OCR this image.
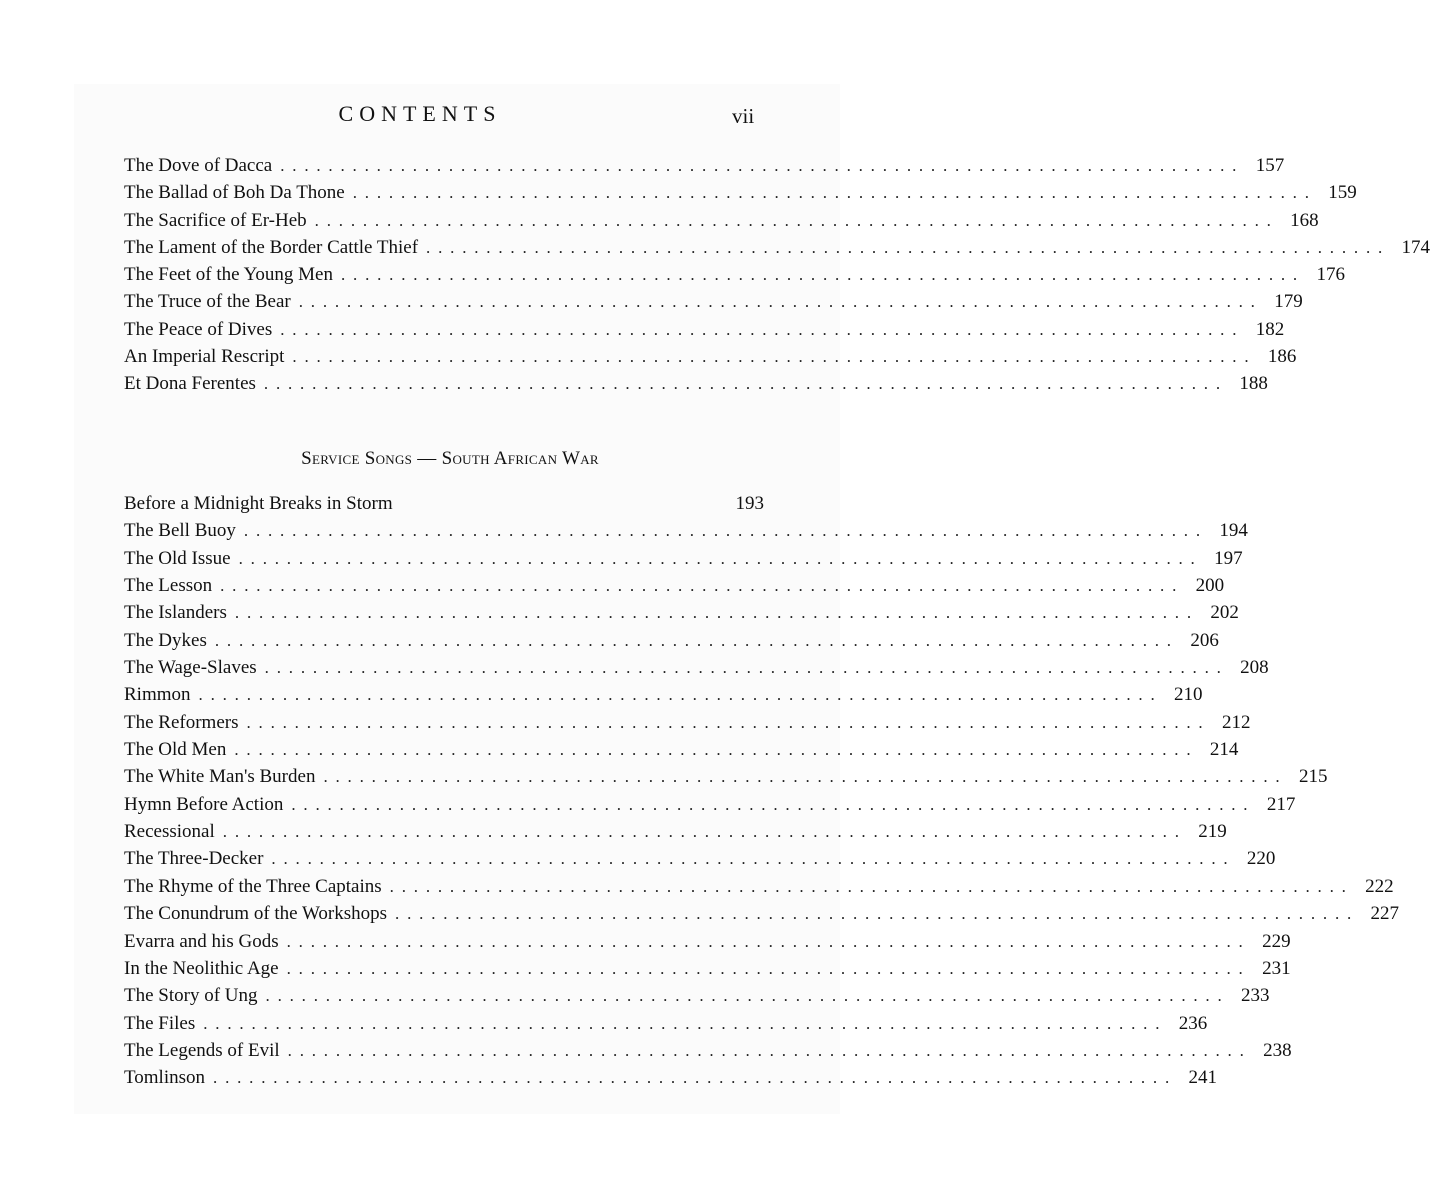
CONTENTS	vii
The Dove of Dacca ................................................................................ 157
The Ballad of Boh Da Thone ................................................................................ 159
The Sacrifice of Er-Heb ................................................................................ 168
The Lament of the Border Cattle Thief ................................................................................ 174
The Feet of the Young Men ................................................................................ 176
The Truce of the Bear ................................................................................ 179
The Peace of Dives ................................................................................ 182
An Imperial Rescript ................................................................................ 186
Et Dona Ferentes ................................................................................ 188
Service Songs — South African War
Before a Midnight Breaks in Storm	193
The Bell Buoy ................................................................................ 194
The Old Issue ................................................................................ 197
The Lesson ................................................................................ 200
The Islanders ................................................................................ 202
The Dykes ................................................................................ 206
The Wage-Slaves ................................................................................ 208
Rimmon ................................................................................ 210
The Reformers ................................................................................ 212
The Old Men ................................................................................ 214
The White Man's Burden ................................................................................ 215
Hymn Before Action ................................................................................ 217
Recessional ................................................................................ 219
The Three-Decker ................................................................................ 220
The Rhyme of the Three Captains ................................................................................ 222
The Conundrum of the Workshops ................................................................................ 227
Evarra and his Gods ................................................................................ 229
In the Neolithic Age ................................................................................ 231
The Story of Ung ................................................................................ 233
The Files ................................................................................ 236
The Legends of Evil ................................................................................ 238
Tomlinson ................................................................................ 241
